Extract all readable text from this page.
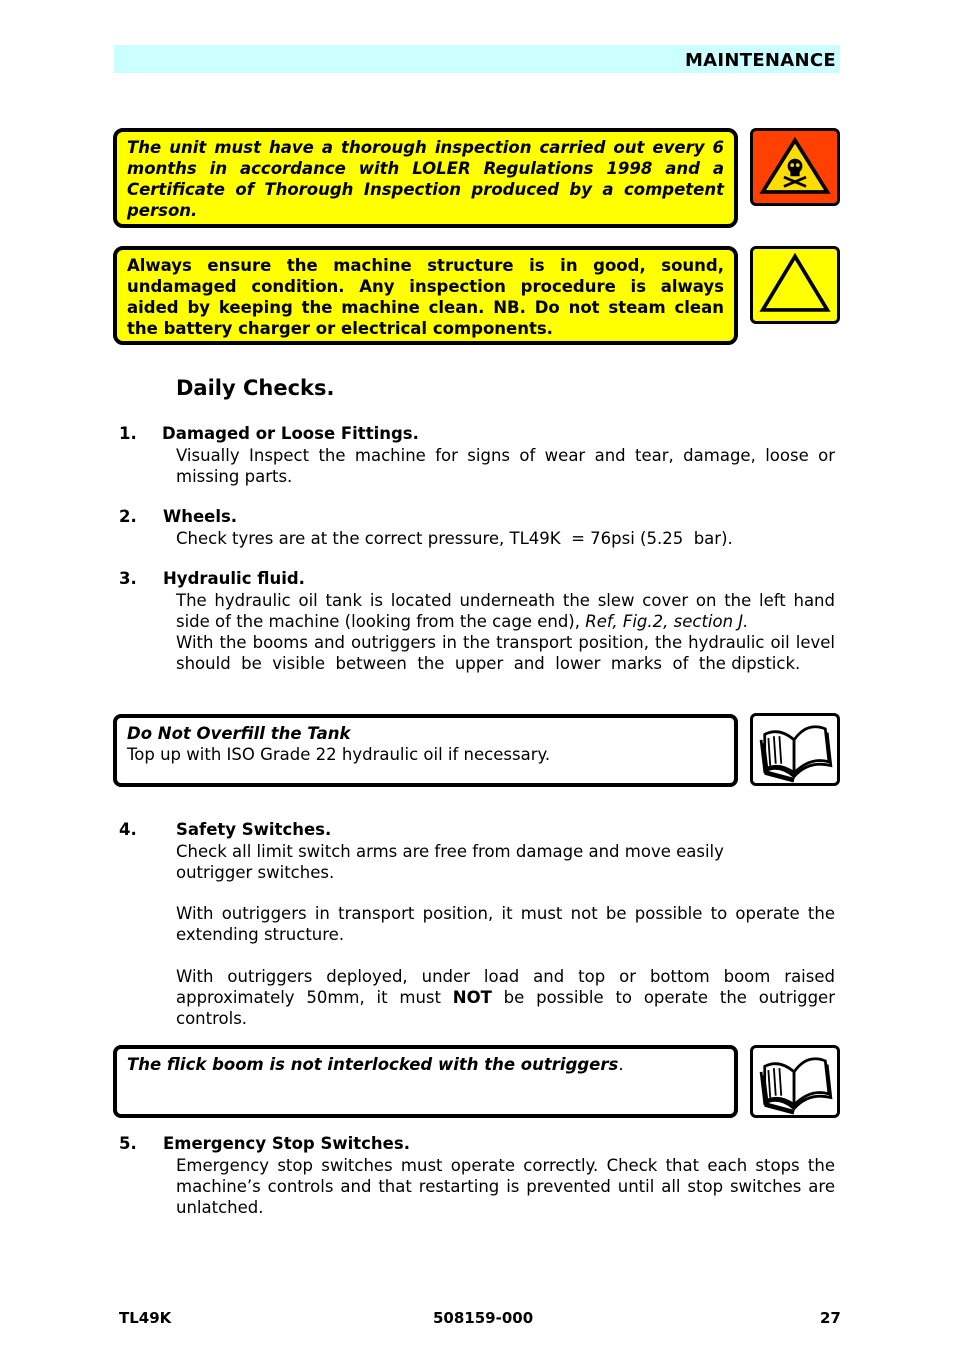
MAINTENANCE
The unit must have a thorough inspection carried out every 6 months in accordance with LOLER Regulations 1998 and a Certificate of Thorough Inspection produced by a competent person.
Always ensure the machine structure is in good, sound, undamaged condition. Any inspection procedure is always aided by keeping the machine clean. NB. Do not steam clean the battery charger or electrical components.
Daily Checks.
1. Damaged or Loose Fittings.
Visually Inspect the machine for signs of wear and tear, damage, loose or missing parts.
2. Wheels.
Check tyres are at the correct pressure, TL49K  = 76psi (5.25  bar).
3. Hydraulic fluid.
The hydraulic oil tank is located underneath the slew cover on the left hand side of the machine (looking from the cage end), Ref, Fig.2, section J.
With the booms and outriggers in the transport position, the hydraulic oil level  should  be  visible  between  the  upper  and  lower  marks  of  the dipstick.
Do Not Overfill the Tank
Top up with ISO Grade 22 hydraulic oil if necessary.
4. Safety Switches.
Check all limit switch arms are free from damage and move easily
outrigger switches.
With outriggers in transport position, it must not be possible to operate the extending structure.
With outriggers deployed, under load and top or bottom boom raised approximately 50mm, it must NOT be possible to operate the outrigger controls.
The flick boom is not interlocked with the outriggers.
5. Emergency Stop Switches.
Emergency stop switches must operate correctly. Check that each stops the machine’s controls and that restarting is prevented until all stop switches are unlatched.
TL49K	508159-000	27
